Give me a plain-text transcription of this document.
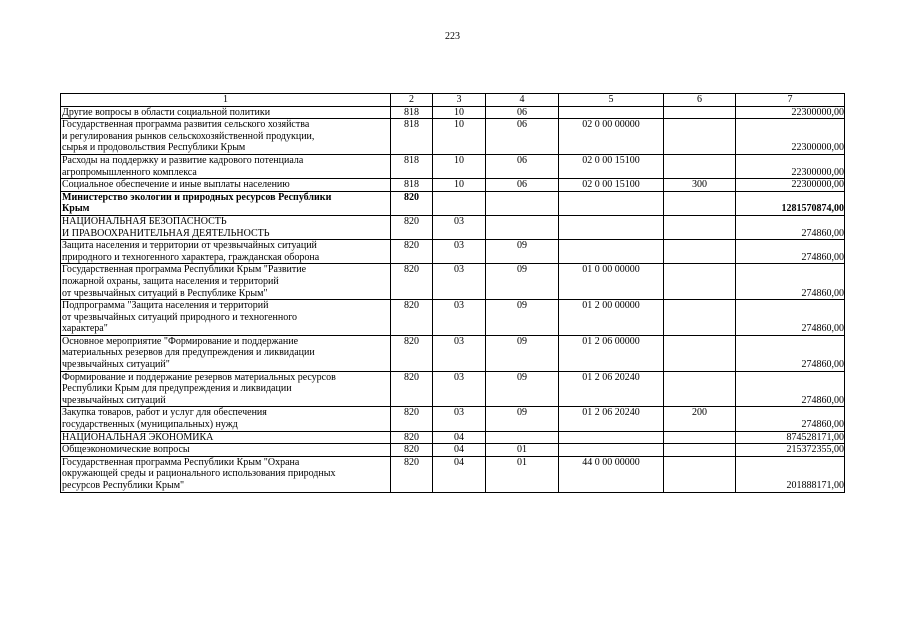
223
1	2	3	4	5	6	7
Другие вопросы в области социальной политики	818	10	06			22300000,00
Государственная программа развития сельского хозяйства
и регулирования рынков сельскохозяйственной продукции,
сырья и продовольствия Республики Крым	818	10	06	02 0 00 00000		22300000,00
Расходы на поддержку и развитие кадрового потенциала
агропромышленного комплекса	818	10	06	02 0 00 15100		22300000,00
Социальное обеспечение и иные выплаты населению	818	10	06	02 0 00 15100	300	22300000,00
Министерство экологии и природных ресурсов Республики
Крым	820					1281570874,00
НАЦИОНАЛЬНАЯ БЕЗОПАСНОСТЬ
И ПРАВООХРАНИТЕЛЬНАЯ ДЕЯТЕЛЬНОСТЬ	820	03				274860,00
Защита населения и территории от чрезвычайных ситуаций
природного и техногенного характера, гражданская оборона	820	03	09			274860,00
Государственная программа Республики Крым "Развитие
пожарной охраны, защита населения и территорий
от чрезвычайных ситуаций в Республике Крым"	820	03	09	01 0 00 00000		274860,00
Подпрограмма "Защита населения и территорий
от чрезвычайных ситуаций природного и техногенного
характера"	820	03	09	01 2 00 00000		274860,00
Основное мероприятие "Формирование и поддержание
материальных резервов для предупреждения и ликвидации
чрезвычайных ситуаций"	820	03	09	01 2 06 00000		274860,00
Формирование и поддержание резервов материальных ресурсов
Республики Крым для предупреждения и ликвидации
чрезвычайных ситуаций	820	03	09	01 2 06 20240		274860,00
Закупка товаров, работ и услуг для обеспечения
государственных (муниципальных) нужд	820	03	09	01 2 06 20240	200	274860,00
НАЦИОНАЛЬНАЯ ЭКОНОМИКА	820	04				874528171,00
Общеэкономические вопросы	820	04	01			215372355,00
Государственная программа Республики Крым "Охрана
окружающей среды и рационального использования природных
ресурсов Республики Крым"	820	04	01	44 0 00 00000		201888171,00
